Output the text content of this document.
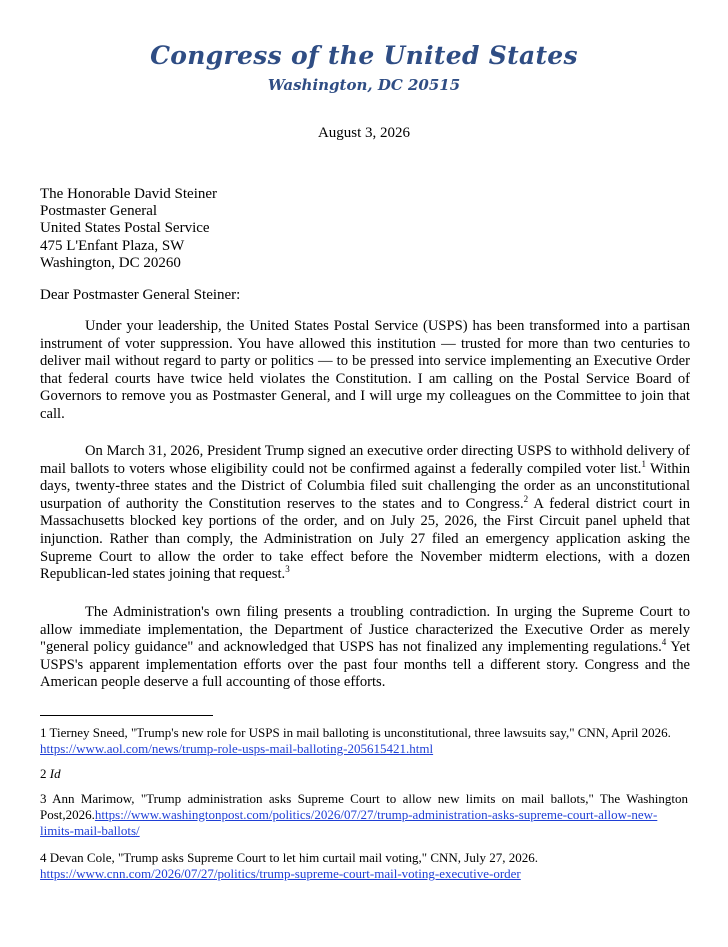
Congress of the United States
Washington, DC 20515
August 3, 2026
The Honorable David Steiner
Postmaster General
United States Postal Service
475 L'Enfant Plaza, SW
Washington, DC 20260
Dear Postmaster General Steiner:

Under your leadership, the United States Postal Service (USPS) has been transformed into a partisan instrument of voter suppression. You have allowed this institution — trusted for more than two centuries to deliver mail without regard to party or politics — to be pressed into service implementing an Executive Order that federal courts have twice held violates the Constitution. I am calling on the Postal Service Board of Governors to remove you as Postmaster General, and I will urge my colleagues on the Committee to join that call.

On March 31, 2026, President Trump signed an executive order directing USPS to withhold delivery of mail ballots to voters whose eligibility could not be confirmed against a federally compiled voter list.$^1$ Within days, twenty-three states and the District of Columbia filed suit challenging the order as an unconstitutional usurpation of authority the Constitution reserves to the states and to Congress.$^2$ A federal district court in Massachusetts blocked key portions of the order, and on July 25, 2026, the First Circuit panel upheld that injunction. Rather than comply, the Administration on July 27 filed an emergency application asking the Supreme Court to allow the order to take effect before the November midterm elections, with a dozen Republican-led states joining that request.$^3$

The Administration's own filing presents a troubling contradiction. In urging the Supreme Court to allow immediate implementation, the Department of Justice characterized the Executive Order as merely "general policy guidance" and acknowledged that USPS has not finalized any implementing regulations.$^4$ Yet USPS's apparent implementation efforts over the past four months tell a different story. Congress and the American people deserve a full accounting of those efforts.

1 Tierney Sneed, "Trump's new role for USPS in mail balloting is unconstitutional, three lawsuits say," CNN, April 2026.
https://www.aol.com/news/trump-role-usps-mail-balloting-205615421.html
2 Id
3 Ann Marimow, "Trump administration asks Supreme Court to allow new limits on mail ballots," The Washington Post,2026.https://www.washingtonpost.com/politics/2026/07/27/trump-administration-asks-supreme-court-allow-new-limits-mail-ballots/
4 Devan Cole, "Trump asks Supreme Court to let him curtail mail voting," CNN, July 27, 2026.
https://www.cnn.com/2026/07/27/politics/trump-supreme-court-mail-voting-executive-order
